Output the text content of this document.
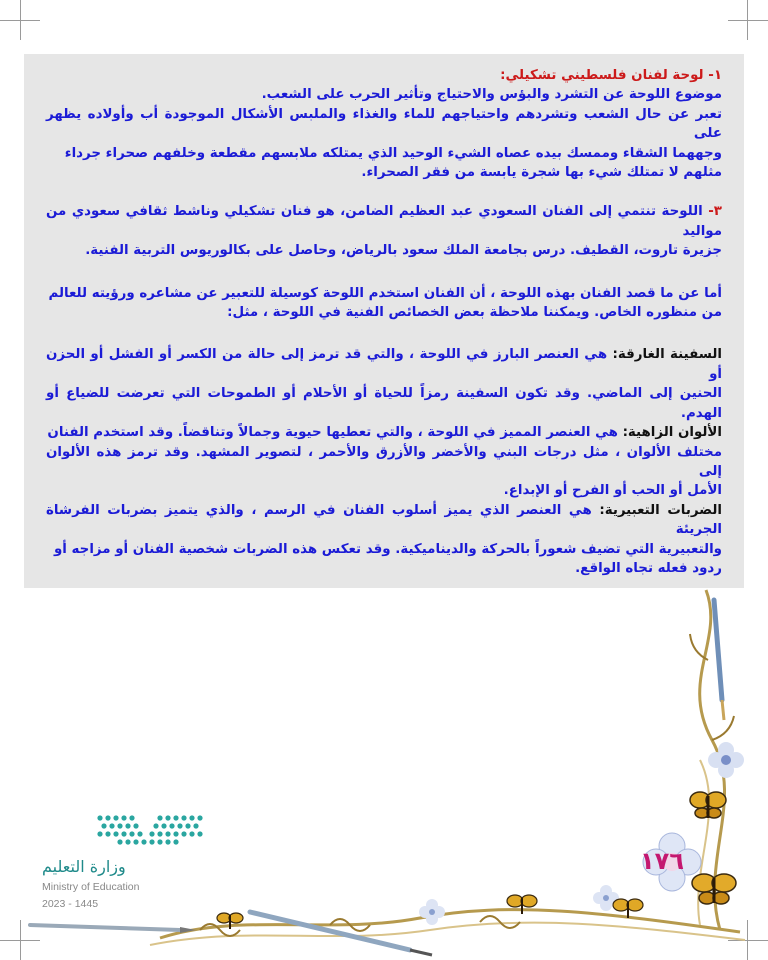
١- لوحة لفنان فلسطيني تشكيلي:

موضوع اللوحة عن التشرد والبؤس والاحتياج وتأثير الحرب على الشعب.

تعبر عن حال الشعب وتشردهم واحتياجهم للماء والغذاء والملبس الأشكال الموجودة أب وأولاده يظهر على

وجههما الشقاء وممسك بيده عصاه الشيء الوحيد الذي يمتلكه ملابسهم مقطعة وخلفهم صحراء جرداء

مثلهم لا تمتلك شيء بها شجرة يابسة من فقر الصحراء.

٣- اللوحة تنتمي إلى الفنان السعودي عبد العظيم الضامن، هو فنان تشكيلي وناشط ثقافي سعودي من مواليد

جزيرة تاروت، القطيف. درس بجامعة الملك سعود بالرياض، وحاصل على بكالوريوس التربية الفنية.

أما عن ما قصد الفنان بهذه اللوحة ، أن الفنان استخدم اللوحة كوسيلة للتعبير عن مشاعره ورؤيته للعالم

من منظوره الخاص. ويمكننا ملاحظة بعض الخصائص الفنية في اللوحة ، مثل:

السفينة الغارقة: هي العنصر البارز في اللوحة ، والتي قد ترمز إلى حالة من الكسر أو الفشل أو الحزن أو

الحنين إلى الماضي. وقد تكون السفينة رمزاً للحياة أو الأحلام أو الطموحات التي تعرضت للضياع أو الهدم.

الألوان الزاهية: هي العنصر المميز في اللوحة ، والتي تعطيها حيوية وجمالاً وتناقضاً. وقد استخدم الفنان

مختلف الألوان ، مثل درجات البني والأخضر والأزرق والأحمر ، لتصوير المشهد. وقد ترمز هذه الألوان إلى

الأمل أو الحب أو الفرح أو الإبداع.

الضربات التعبيرية: هي العنصر الذي يميز أسلوب الفنان في الرسم ، والذي يتميز بضربات الفرشاة الجريئة

والتعبيرية التي تضيف شعوراً بالحركة والديناميكية. وقد تعكس هذه الضربات شخصية الفنان أو مزاجه أو

ردود فعله تجاه الواقع.

١٧٦
وزارة التعليم
Ministry of Education
2023 - 1445
